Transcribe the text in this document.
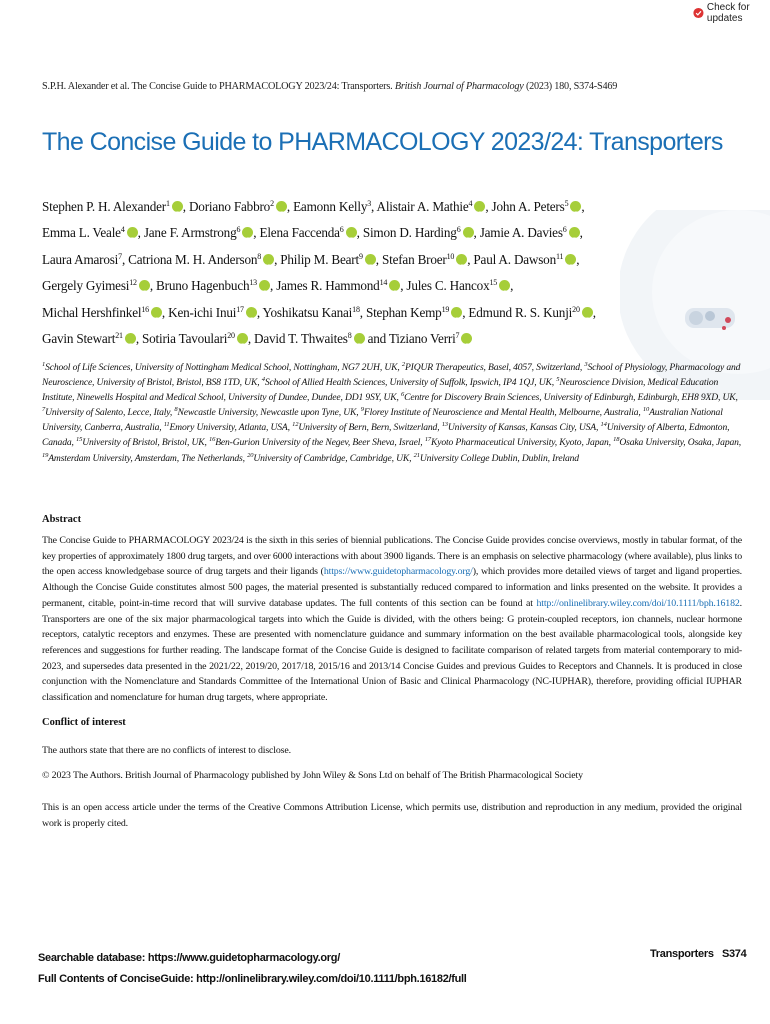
Check for updates
S.P.H. Alexander et al. The Concise Guide to PHARMACOLOGY 2023/24: Transporters. British Journal of Pharmacology (2023) 180, S374-S469
The Concise Guide to PHARMACOLOGY 2023/24: Transporters
Stephen P. H. Alexander$^1$ iD , Doriano Fabbro$^2$ iD , Eamonn Kelly$^3$, Alistair A. Mathie$^4$ iD , John A. Peters$^5$ iD , Emma L. Veale$^4$ iD , Jane F. Armstrong$^6$ iD , Elena Faccenda$^6$ iD , Simon D. Harding$^6$ iD , Jamie A. Davies$^6$ iD , Laura Amarosi$^7$, Catriona M. H. Anderson$^8$ iD , Philip M. Beart$^9$ iD , Stefan Broer$^{10}$ iD , Paul A. Dawson$^{11}$ iD , Gergely Gyimesi$^{12}$ iD , Bruno Hagenbuch$^{13}$ iD , James R. Hammond$^{14}$ iD , Jules C. Hancox$^{15}$ iD , Michal Hershfinkel$^{16}$iD , Ken-ichi Inui$^{17}$ iD , Yoshikatsu Kanai$^{18}$, Stephan Kemp$^{19}$ iD , Edmund R. S. Kunji$^{20}$ iD , Gavin Stewart$^{21}$ iD , Sotiria Tavoulari$^{20}$ iD , David T. Thwaites$^8$iD and Tiziano Verri$^7$iD
$^1$School of Life Sciences, University of Nottingham Medical School, Nottingham, NG7 2UH, UK, $^2$PIQUR Therapeutics, Basel, 4057, Switzerland, $^3$School of Physiology, Pharmacology and Neuroscience, University of Bristol, Bristol, BS8 1TD, UK, $^4$School of Allied Health Sciences, University of Suffolk, Ipswich, IP4 1QJ, UK, $^5$Neuroscience Division, Medical Education Institute, Ninewells Hospital and Medical School, University of Dundee, Dundee, DD1 9SY, UK, $^6$Centre for Discovery Brain Sciences, University of Edinburgh, Edinburgh, EH8 9XD, UK, $^7$University of Salento, Lecce, Italy, $^8$Newcastle University, Newcastle upon Tyne, UK, $^9$Florey Institute of Neuroscience and Mental Health, Melbourne, Australia, $^{10}$Australian National University, Canberra, Australia, $^{11}$Emory University, Atlanta, USA, $^{12}$University of Bern, Bern, Switzerland, $^{13}$University of Kansas, Kansas City, USA, $^{14}$University of Alberta, Edmonton, Canada, $^{15}$University of Bristol, Bristol, UK, $^{16}$Ben-Gurion University of the Negev, Beer Sheva, Israel, $^{17}$Kyoto Pharmaceutical University, Kyoto, Japan, $^{18}$Osaka University, Osaka, Japan, $^{19}$Amsterdam University, Amsterdam, The Netherlands, $^{20}$University of Cambridge, Cambridge, UK, $^{21}$University College Dublin, Dublin, Ireland
Abstract
The Concise Guide to PHARMACOLOGY 2023/24 is the sixth in this series of biennial publications. The Concise Guide provides concise overviews, mostly in tabular format, of the key properties of approximately 1800 drug targets, and over 6000 interactions with about 3900 ligands. There is an emphasis on selective pharmacology (where available), plus links to the open access knowledgebase source of drug targets and their ligands (https://www.guidetopharmacology.org/), which provides more detailed views of target and ligand properties. Although the Concise Guide constitutes almost 500 pages, the material presented is substantially reduced compared to information and links presented on the website. It provides a permanent, citable, point-in-time record that will survive database updates. The full contents of this section can be found at http://onlinelibrary.wiley.com/doi/10.1111/bph.16182. Transporters are one of the six major pharmacological targets into which the Guide is divided, with the others being: G protein-coupled receptors, ion channels, nuclear hormone receptors, catalytic receptors and enzymes. These are presented with nomenclature guidance and summary information on the best available pharmacological tools, alongside key references and suggestions for further reading. The landscape format of the Concise Guide is designed to facilitate comparison of related targets from material contemporary to mid-2023, and supersedes data presented in the 2021/22, 2019/20, 2017/18, 2015/16 and 2013/14 Concise Guides and previous Guides to Receptors and Channels. It is produced in close conjunction with the Nomenclature and Standards Committee of the International Union of Basic and Clinical Pharmacology (NC-IUPHAR), therefore, providing official IUPHAR classification and nomenclature for human drug targets, where appropriate.
Conflict of interest
The authors state that there are no conflicts of interest to disclose.
© 2023 The Authors. British Journal of Pharmacology published by John Wiley & Sons Ltd on behalf of The British Pharmacological Society
This is an open access article under the terms of the Creative Commons Attribution License, which permits use, distribution and reproduction in any medium, provided the original work is properly cited.
Searchable database: https://www.guidetopharmacology.org/
Full Contents of ConciseGuide: http://onlinelibrary.wiley.com/doi/10.1111/bph.16182/full
Transporters S374
